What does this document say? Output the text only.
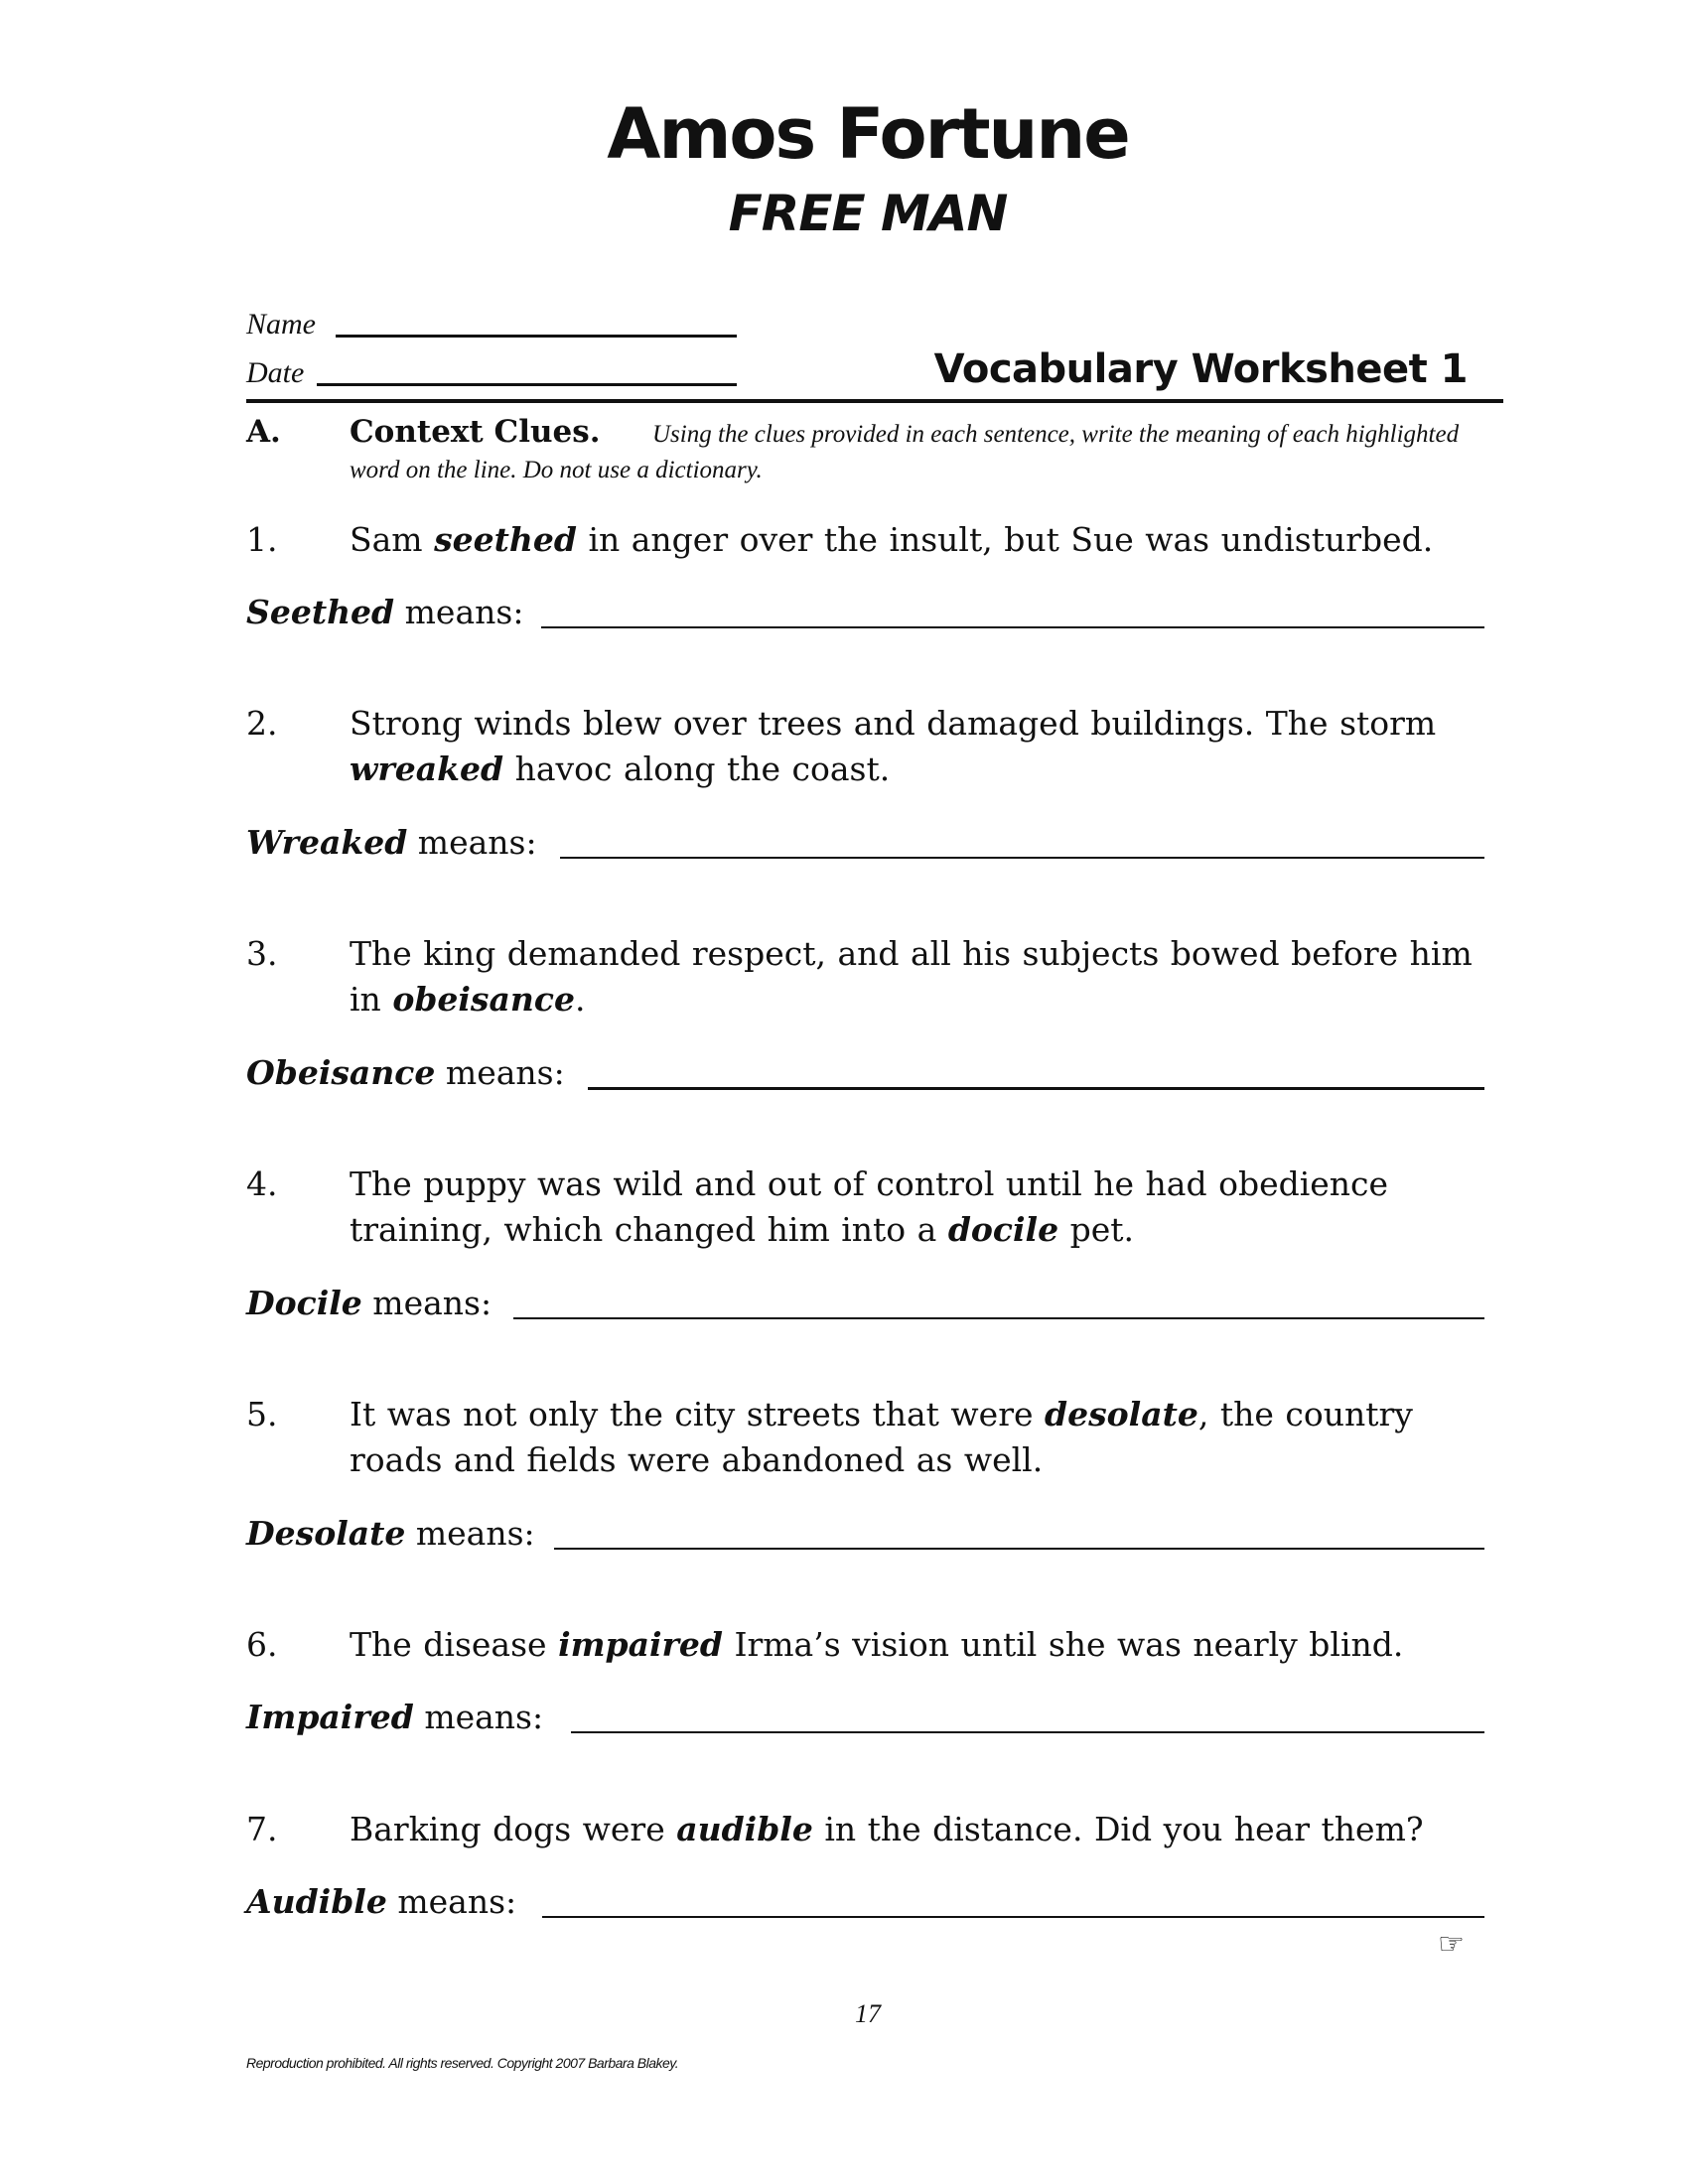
Amos Fortune
FREE MAN
Name
Date	Vocabulary Worksheet 1
A. Context Clues.	Using the clues provided in each sentence, write the meaning of each highlighted word on the line. Do not use a dictionary.
1. Sam seethed in anger over the insult, but Sue was undisturbed.
Seethed means:
2. Strong winds blew over trees and damaged buildings. The storm wreaked havoc along the coast.
Wreaked means:
3. The king demanded respect, and all his subjects bowed before him in obeisance.
Obeisance means:
4. The puppy was wild and out of control until he had obedience training, which changed him into a docile pet.
Docile means:
5. It was not only the city streets that were desolate, the country roads and fields were abandoned as well.
Desolate means:
6. The disease impaired Irma’s vision until she was nearly blind.
Impaired means:
7. Barking dogs were audible in the distance. Did you hear them?
Audible means:
☞
17
Reproduction prohibited. All rights reserved. Copyright 2007 Barbara Blakey.
